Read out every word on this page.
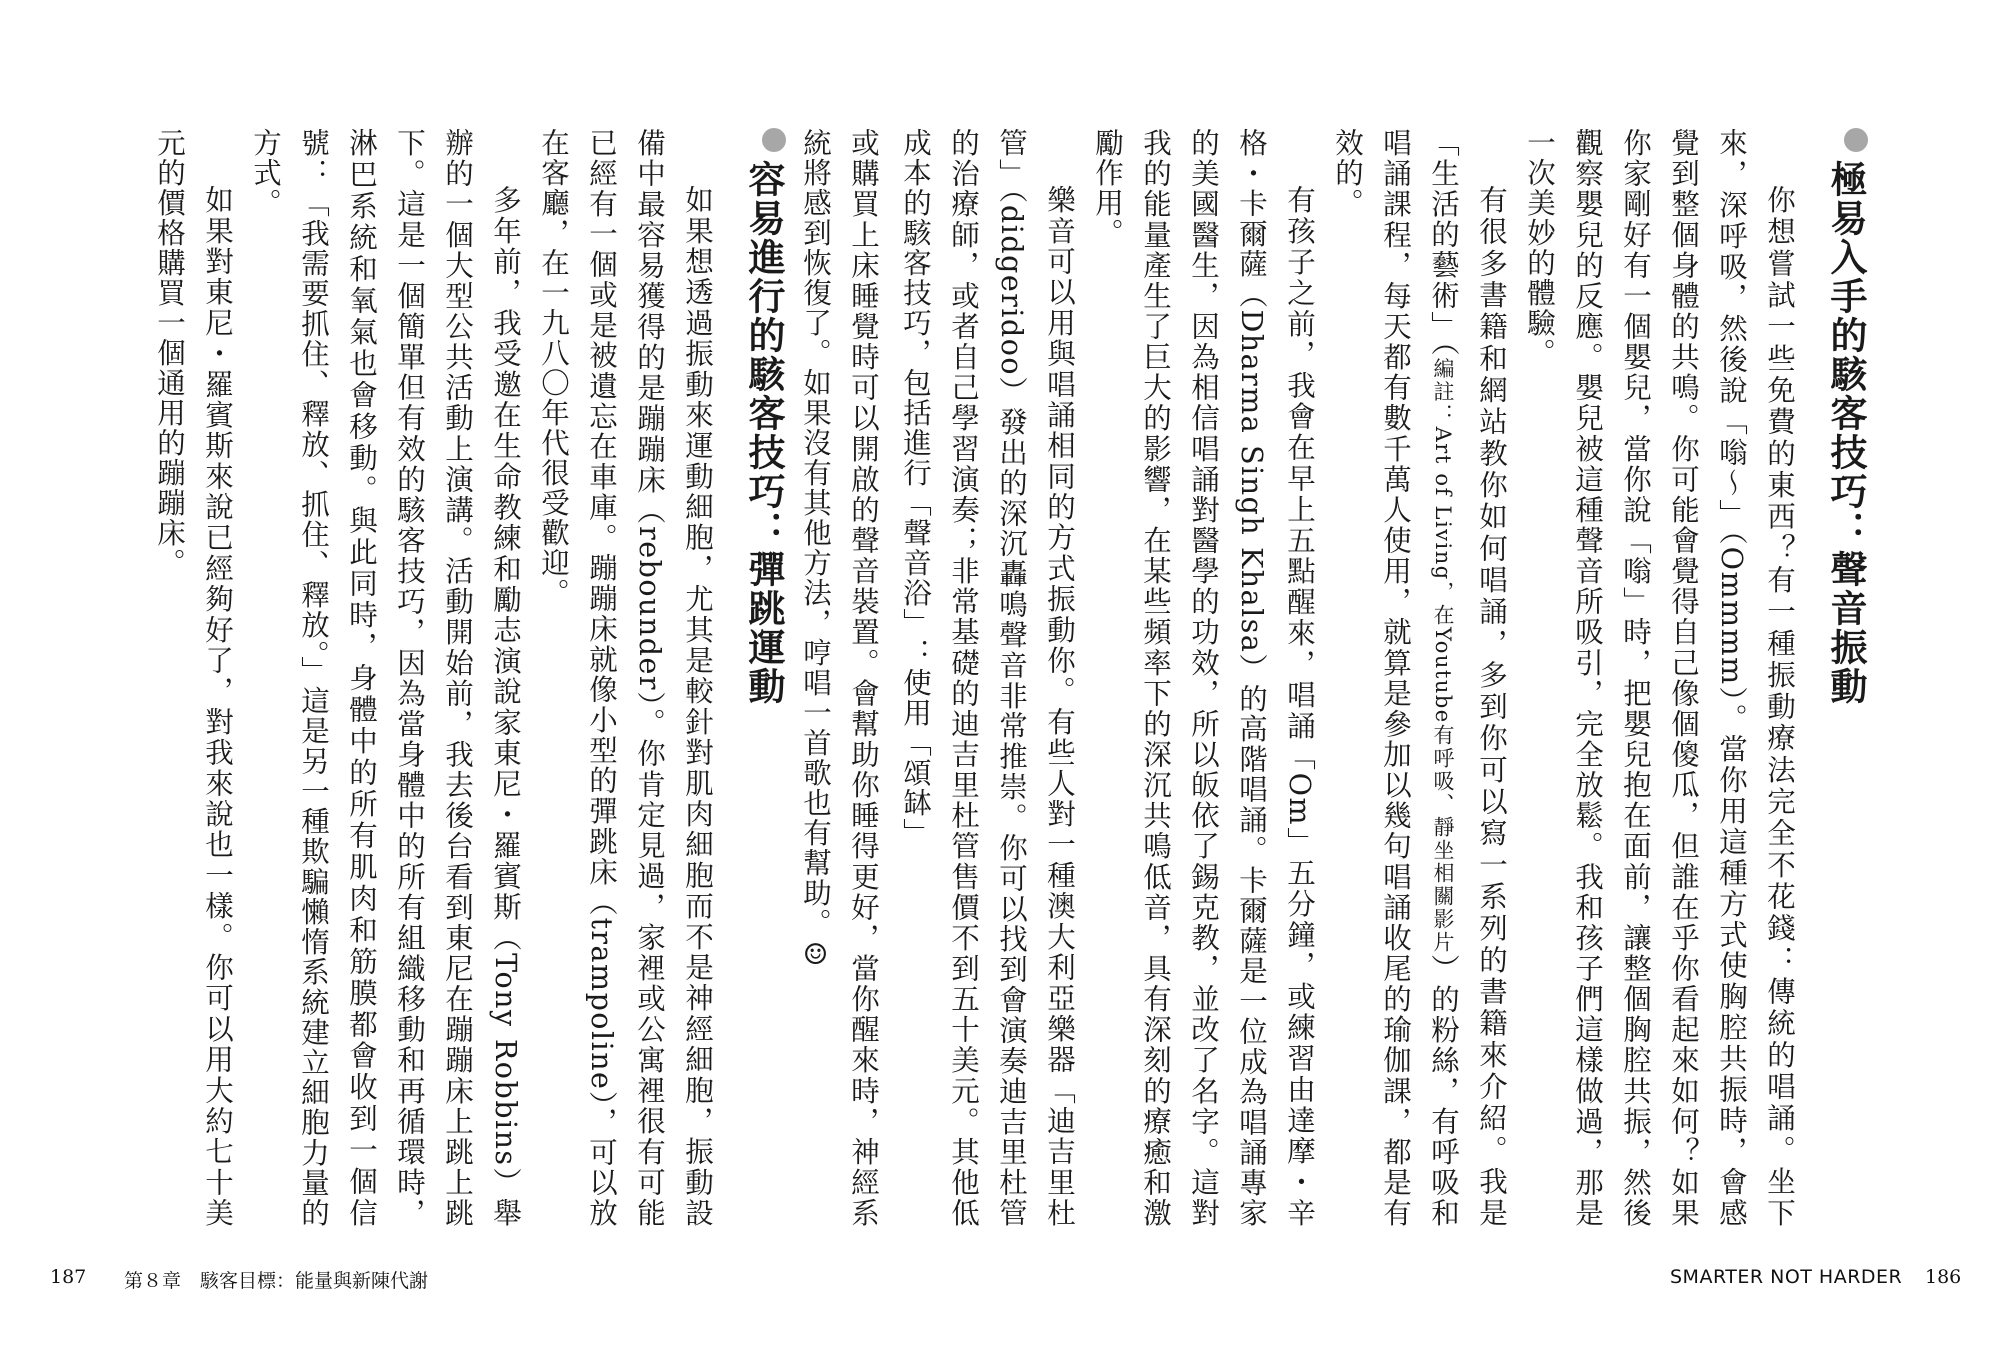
極易入手的駭客技巧：聲音振動

你想嘗試一些免費的東西？有一種振動療法完全不花錢：傳統的唱誦。坐下來，深呼吸，然後說「嗡～」（Ommmm）。當你用這種方式使胸腔共振時，會感覺到整個身體的共鳴。你可能會覺得自己像個傻瓜，但誰在乎你看起來如何？如果你家剛好有一個嬰兒，當你說「嗡」時，把嬰兒抱在面前，讓整個胸腔共振，然後觀察嬰兒的反應。嬰兒被這種聲音所吸引，完全放鬆。我和孩子們這樣做過，那是一次美妙的體驗。

有很多書籍和網站教你如何唱誦，多到你可以寫一系列的書籍來介紹。我是「生活的藝術」（編註：Art of Living，在Youtube有呼吸、靜坐相關影片）的粉絲，有呼吸和唱誦課程，每天都有數千萬人使用，就算是參加以幾句唱誦收尾的瑜伽課，都是有效的。

有孩子之前，我會在早上五點醒來，唱誦「Om」五分鐘，或練習由達摩・辛格・卡爾薩（Dharma Singh Khalsa）的高階唱誦。卡爾薩是一位成為唱誦專家的美國醫生，因為相信唱誦對醫學的功效，所以皈依了錫克教，並改了名字。這對我的能量產生了巨大的影響，在某些頻率下的深沉共鳴低音，具有深刻的療癒和激勵作用。

樂音可以用與唱誦相同的方式振動你。有些人對一種澳大利亞樂器「迪吉里杜管」（didgeridoo）發出的深沉轟鳴聲音非常推崇。你可以找到會演奏迪吉里杜管的治療師，或者自己學習演奏；非常基礎的迪吉里杜管售價不到五十美元。其他低成本的駭客技巧，包括進行「聲音浴」：使用「頌缽」

或購買上床睡覺時可以開啟的聲音裝置。會幫助你睡得更好，當你醒來時，神經系統將感到恢復了。如果沒有其他方法，哼唱一首歌也有幫助。☺

容易進行的駭客技巧：彈跳運動

如果想透過振動來運動細胞，尤其是較針對肌肉細胞而不是神經細胞，振動設備中最容易獲得的是蹦蹦床（rebounder）。你肯定見過，家裡或公寓裡很有可能已經有一個或是被遺忘在車庫。蹦蹦床就像小型的彈跳床（trampoline），可以放在客廳，在一九八〇年代很受歡迎。

多年前，我受邀在生命教練和勵志演說家東尼・羅賓斯（Tony Robbins）舉辦的一個大型公共活動上演講。活動開始前，我去後台看到東尼在蹦蹦床上跳上跳下。這是一個簡單但有效的駭客技巧，因為當身體中的所有組織移動和再循環時，淋巴系統和氧氣也會移動。與此同時，身體中的所有肌肉和筋膜都會收到一個信號：「我需要抓住、釋放、抓住、釋放。」這是另一種欺騙懶惰系統建立細胞力量的方式。

如果對東尼・羅賓斯來說已經夠好了，對我來說也一樣。你可以用大約七十美元的價格購買一個通用的蹦蹦床。

187 第８章　駭客目標：能量與新陳代謝	SMARTER NOT HARDER 186
